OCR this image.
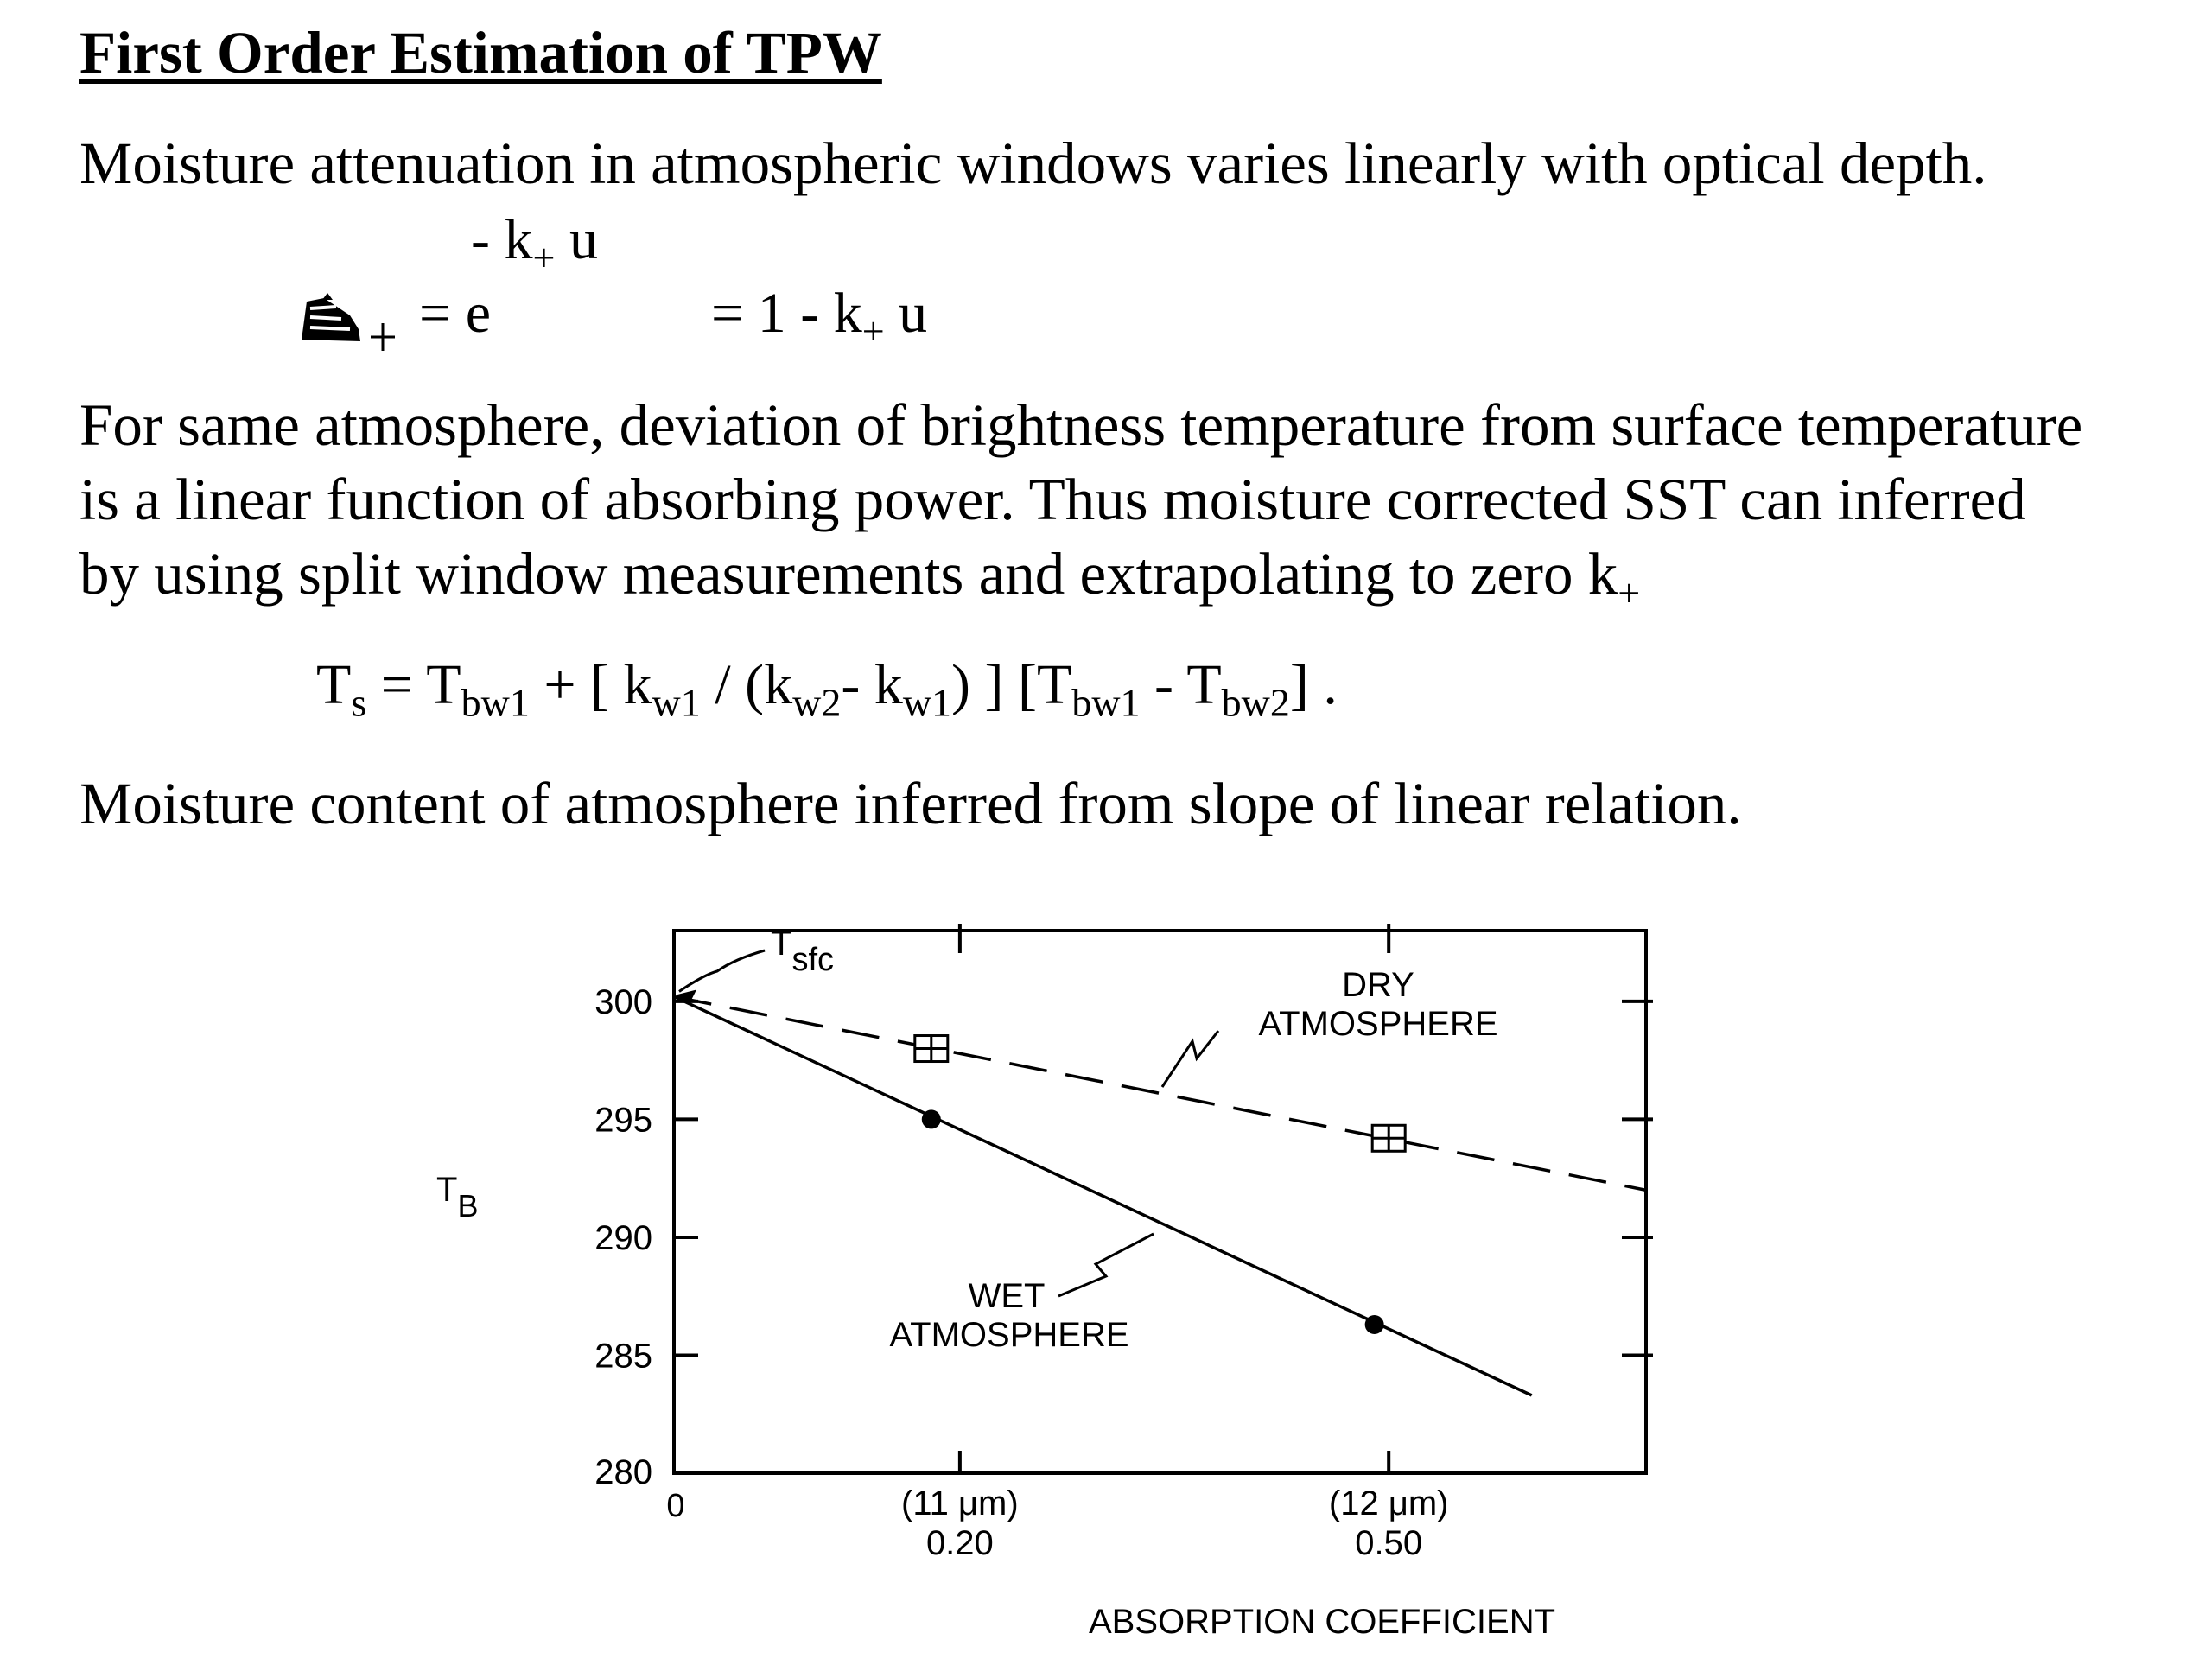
First Order Estimation of TPW
Moisture attenuation in atmospheric windows varies linearly with optical depth.
- $k_+$ u
= e	= $1 - k_+$ u
For same atmosphere, deviation of brightness temperature from surface temperature
is a linear function of absorbing power. Thus moisture corrected SST can inferred
by using split window measurements and extrapolating to zero $k_+$
$T_s = T_{bw1}$ + [ $k_{w1} / (k_{w2}-$ $k_{w1}$) ] $[T_{bw1} - T_{bw2}]$ .
Moisture content of atmosphere inferred from slope of linear relation.
300
295
290
285
280
(11 μm)
0.20
(12 μm)
0.50
0
ABSORPTION COEFFICIENT
TB
DRY
ATMOSPHERE
WET
ATMOSPHERE
Tsfc
